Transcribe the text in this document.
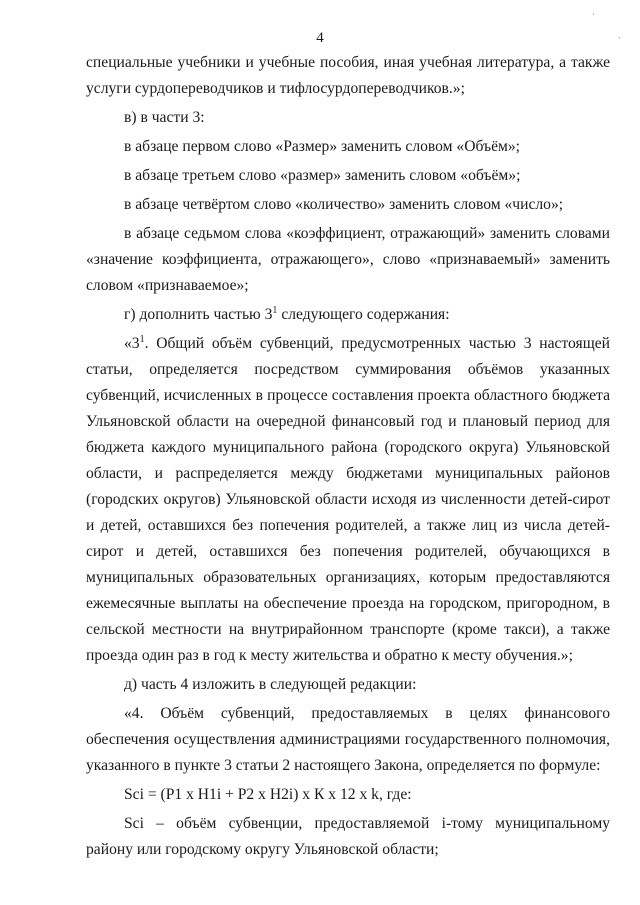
4
·
´

специальные учебники и учебные пособия, иная учебная литература, а также услуги сурдопереводчиков и тифлосурдопереводчиков.»;

в) в части 3:

в абзаце первом слово «Размер» заменить словом «Объём»;

в абзаце третьем слово «размер» заменить словом «объём»;

в абзаце четвёртом слово «количество» заменить словом «число»;

в абзаце седьмом слова «коэффициент, отражающий» заменить словами «значение коэффициента, отражающего», слово «признаваемый» заменить словом «признаваемое»;

г) дополнить частью $3^1$ следующего содержания:

«$3^1$. Общий объём субвенций, предусмотренных частью 3 настоящей статьи, определяется посредством суммирования объёмов указанных субвенций, исчисленных в процессе составления проекта областного бюджета Ульяновской области на очередной финансовый год и плановый период для бюджета каждого муниципального района (городского округа) Ульяновской области, и распределяется между бюджетами муниципальных районов (городских округов) Ульяновской области исходя из численности детей-сирот и детей, оставшихся без попечения родителей, а также лиц из числа детей-сирот и детей, оставшихся без попечения родителей, обучающихся в муниципальных образовательных организациях, которым предоставляются ежемесячные выплаты на обеспечение проезда на городском, пригородном, в сельской местности на внутрирайонном транспорте (кроме такси), а также проезда один раз в год к месту жительства и обратно к месту обучения.»;

д) часть 4 изложить в следующей редакции:

«4. Объём субвенций, предоставляемых в целях финансового обеспечения осуществления администрациями государственного полномочия, указанного в пункте 3 статьи 2 настоящего Закона, определяется по формуле:

Sci = (P1 х H1i + P2 х H2i) х К х 12 х k, где:

Sci – объём субвенции, предоставляемой i-тому муниципальному району или городскому округу Ульяновской области;
